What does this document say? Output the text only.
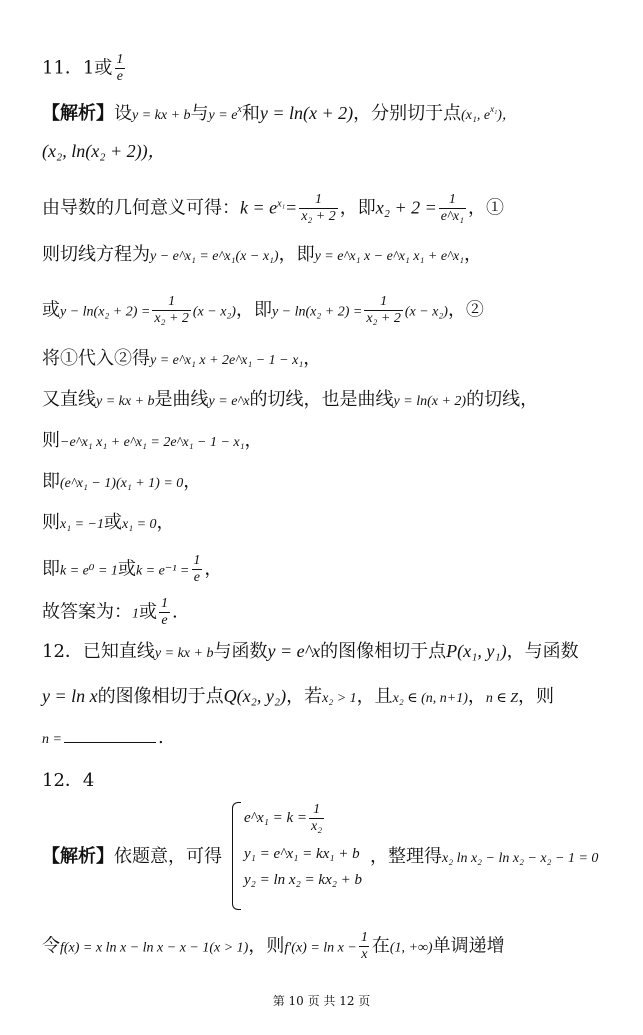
11．1或 $\frac{1}{e}$
【解析】设y = kx + b与$y = e^x$和y = ln(x + 2)，分别切于点(x₁, $e^{x_1}$)，
(x₂, ln(x₂ + 2))，
由导数的几何意义可得：$k = e^{x_1}= \frac{1}{\text{x₂ + 2}}$ ，即$x_2 + 2 = \frac{1}{\text{e\textasciicircum{}x₁}}$ ，①
则切线方程为y − e^x₁ = e^x₁(x − x₁)，即y = e^x₁ x − e^x₁ x₁ + e^x₁，
或$y - \ln(x_2 + 2) = \frac{1}{\text{x₂ + 2}} (x - x_2)$，即$y - \ln(x_2 + 2) = \frac{1}{\text{x₂ + 2}} (x - x_2)$，②
将①代入②得y = e^x₁ x + 2e^x₁ − 1 − x₁，
又直线y = kx + b是曲线y = e^x的切线，也是曲线y = ln(x + 2)的切线，
则−e^x₁ x₁ + e^x₁ = 2e^x₁ − 1 − x₁，
即(e^x₁ − 1)(x₁ + 1) = 0，
则x₁ = −1或x₁ = 0，
即k = e⁰ = 1或$k = e^{-1} = \frac{1}{e}$ ，
故答案为：1或 $\frac{1}{e}$ .
12．已知直线y = kx + b与函数y = e^x的图像相切于点P(x₁, y₁)，与函数
y = ln x的图像相切于点Q(x₂, y₂)，若x₂ > 1，且x₂ ∈ (n, n+1)，n ∈ Z，则
n =	.
12．4
【解析】依题意，可得
e^x₁ = $k = \frac{1}{\text{x₂}}$
y₁ = e^x₁ = kx₁ + b
y₂ = ln x₂ = kx₂ + b
，整理得x₂ ln x₂ − ln x₂ − x₂ − 1 = 0
令f(x) = x ln x − ln x − x − 1(x > 1)，则$f'(x) = \ln x - \frac{1}{x}$ 在(1, +∞)单调递增
第 10 页 共 12 页
